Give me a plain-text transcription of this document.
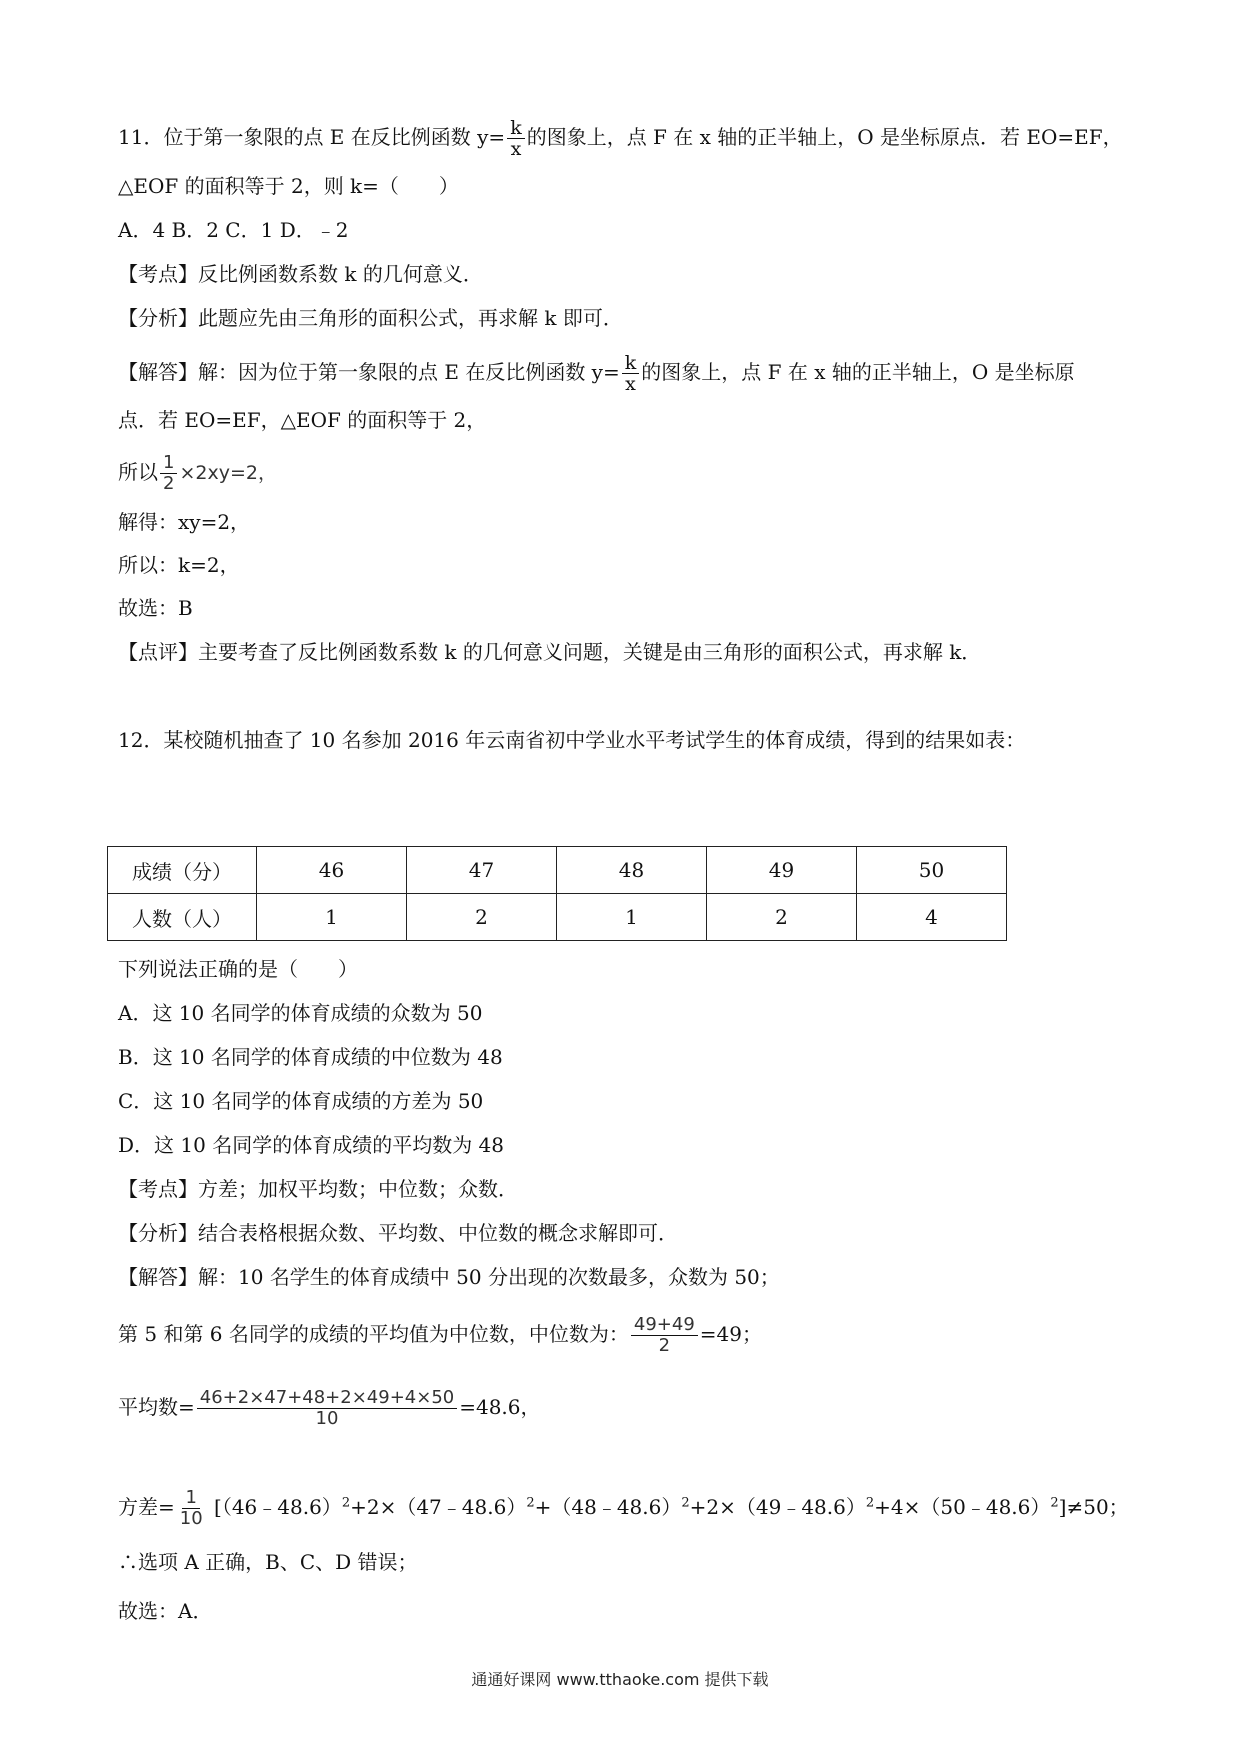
11．位于第一象限的点 E 在反比例函数 $y= \frac{k}{x}$ 的图象上，点 F 在 x 轴的正半轴上，O 是坐标原点．若 EO=EF，
△EOF 的面积等于 2，则 k=（　　）
A．4 B．2 C．1 D．﹣2
【考点】反比例函数系数 k 的几何意义．
【分析】此题应先由三角形的面积公式，再求解 k 即可．
【解答】解：因为位于第一象限的点 E 在反比例函数 $y= \frac{k}{x}$ 的图象上，点 F 在 x 轴的正半轴上，O 是坐标原
点．若 EO=EF，△EOF 的面积等于 2，
所以 $\frac{1}{2} \times 2xy=2$，
解得：xy=2，
所以：k=2，
故选：B
【点评】主要考查了反比例函数系数 k 的几何意义问题，关键是由三角形的面积公式，再求解 k．
12．某校随机抽查了 10 名参加 2016 年云南省初中学业水平考试学生的体育成绩，得到的结果如表：
成绩（分）	46	47	48	49	50
人数（人）	1	2	1	2	4
下列说法正确的是（　　）
A．这 10 名同学的体育成绩的众数为 50
B．这 10 名同学的体育成绩的中位数为 48
C．这 10 名同学的体育成绩的方差为 50
D．这 10 名同学的体育成绩的平均数为 48
【考点】方差；加权平均数；中位数；众数．
【分析】结合表格根据众数、平均数、中位数的概念求解即可．
【解答】解：10 名学生的体育成绩中 50 分出现的次数最多，众数为 50；
第 5 和第 6 名同学的成绩的平均值为中位数，中位数为： $\frac{49+49}{2} =49$；
平均数= $\frac{46+2\times 47+48+2\times 49+4\times 50}{10} =48.6$，
方差= $\frac{1}{10}$ [（46﹣48.6）$^2$+2×（47﹣48.6）$^2$+（48﹣48.6）$^2$+2×（49﹣48.6）$^2$+4×（50﹣48.6）$^2$]≠50；
∴选项 A 正确，B、C、D 错误；
故选：A．
通通好课网 www.tthaoke.com 提供下载
